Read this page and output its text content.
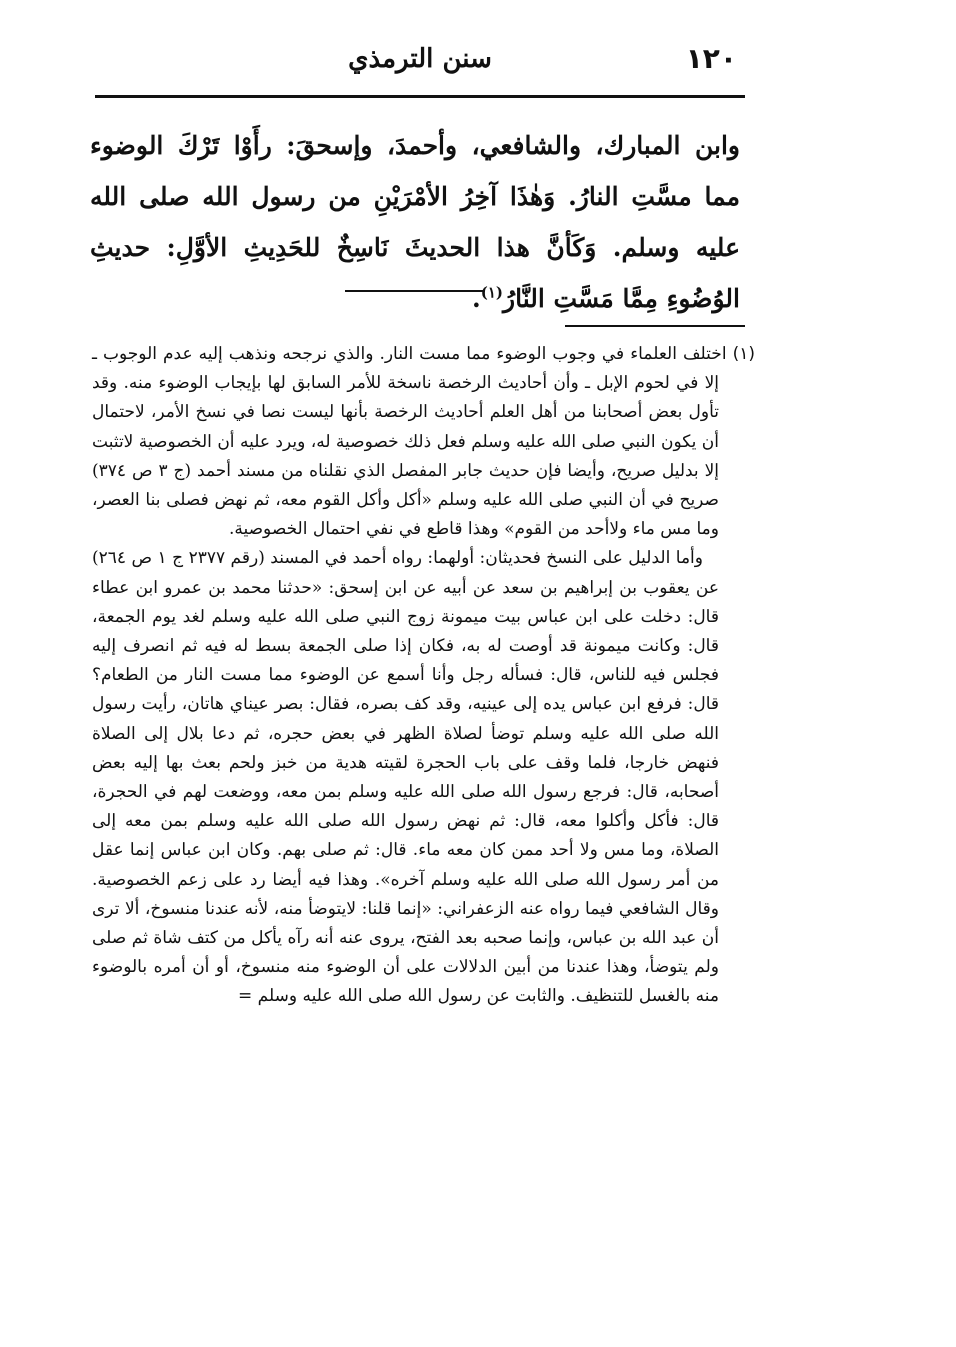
١٢٠
سنن الترمذي

وابن المبارك، والشافعي، وأحمدَ، وإسحقَ: رأَوْا تَرْكَ الوضوء مما مسَّتِ النارُ. وَهٰذَا آخِرُ الأمْرَيْنِ من رسول الله صلى الله عليه وسلم. وَكَأنَّ هذا الحديثَ نَاسِخٌ للحَدِيثِ الأوَّلِ: حديثِ الوُضُوءِ مِمَّا مَسَّتِ النَّارُ$^{(١)}$.

(١) اختلف العلماء في وجوب الوضوء مما مست النار. والذي نرجحه ونذهب إليه عدم الوجوب ـ إلا في لحوم الإبل ـ وأن أحاديث الرخصة ناسخة للأمر السابق لها بإيجاب الوضوء منه. وقد تأول بعض أصحابنا من أهل العلم أحاديث الرخصة بأنها ليست نصا في نسخ الأمر، لاحتمال أن يكون النبي صلى الله عليه وسلم فعل ذلك خصوصية له، ويرد عليه أن الخصوصية لاتثبت إلا بدليل صريح، وأيضا فإن حديث جابر المفصل الذي نقلناه من مسند أحمد (ج ٣ ص ٣٧٤) صريح في أن النبي صلى الله عليه وسلم «أكل وأكل القوم معه، ثم نهض فصلى بنا العصر، وما مس ماء ولاأحد من القوم» وهذا قاطع في نفي احتمال الخصوصية.

وأما الدليل على النسخ فحديثان: أولهما: رواه أحمد في المسند (رقم ٢٣٧٧ ج ١ ص ٢٦٤) عن يعقوب بن إبراهيم بن سعد عن أبيه عن ابن إسحق: «حدثنا محمد بن عمرو ابن عطاء قال: دخلت على ابن عباس بيت ميمونة زوج النبي صلى الله عليه وسلم لغد يوم الجمعة، قال: وكانت ميمونة قد أوصت له به، فكان إذا صلى الجمعة بسط له فيه ثم انصرف إليه فجلس فيه للناس، قال: فسأله رجل وأنا أسمع عن الوضوء مما مست النار من الطعام؟ قال: فرفع ابن عباس يده إلى عينيه، وقد كف بصره، فقال: بصر عيناي هاتان، رأيت رسول الله صلى الله عليه وسلم توضأ لصلاة الظهر في بعض حجره، ثم دعا بلال إلى الصلاة فنهض خارجا، فلما وقف على باب الحجرة لقيته هدية من خبز ولحم بعث بها إليه بعض أصحابه، قال: فرجع رسول الله صلى الله عليه وسلم بمن معه، ووضعت لهم في الحجرة، قال: فأكل وأكلوا معه، قال: ثم نهض رسول الله صلى الله عليه وسلم بمن معه إلى الصلاة، وما مس ولا أحد ممن كان معه ماء. قال: ثم صلى بهم. وكان ابن عباس إنما عقل من أمر رسول الله صلى الله عليه وسلم آخره». وهذا فيه أيضا رد على زعم الخصوصية. وقال الشافعي فيما رواه عنه الزعفراني: «إنما قلنا: لايتوضأ منه، لأنه عندنا منسوخ، ألا ترى أن عبد الله بن عباس، وإنما صحبه بعد الفتح، يروى عنه أنه رآه يأكل من كتف شاة ثم صلى ولم يتوضأ، وهذا عندنا من أبين الدلالات على أن الوضوء منه منسوخ، أو أن أمره بالوضوء منه بالغسل للتنظيف. والثابت عن رسول الله صلى الله عليه وسلم =
